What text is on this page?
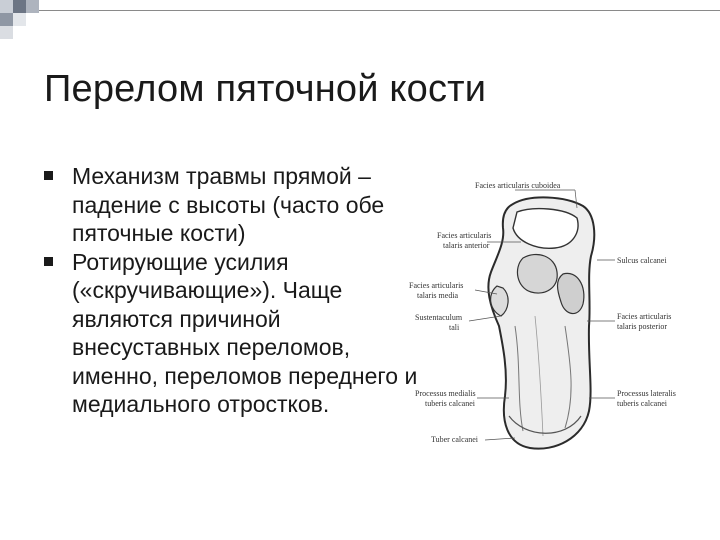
Перелом пяточной кости
Механизм травмы прямой – падение с высоты (часто обе пяточные кости)
Ротирующие усилия («скручивающие»). Чаще являются причиной внесуставных переломов, именно, переломов переднего и медиального отростков.
Facies articularis cuboidea
Facies articularis
talaris anterior
Sulcus calcanei
Facies articularis
talaris media
Sustentaculum
tali
Facies articularis
talaris posterior
Processus medialis
tuberis calcanei
Processus lateralis
tuberis calcanei
Tuber calcanei
